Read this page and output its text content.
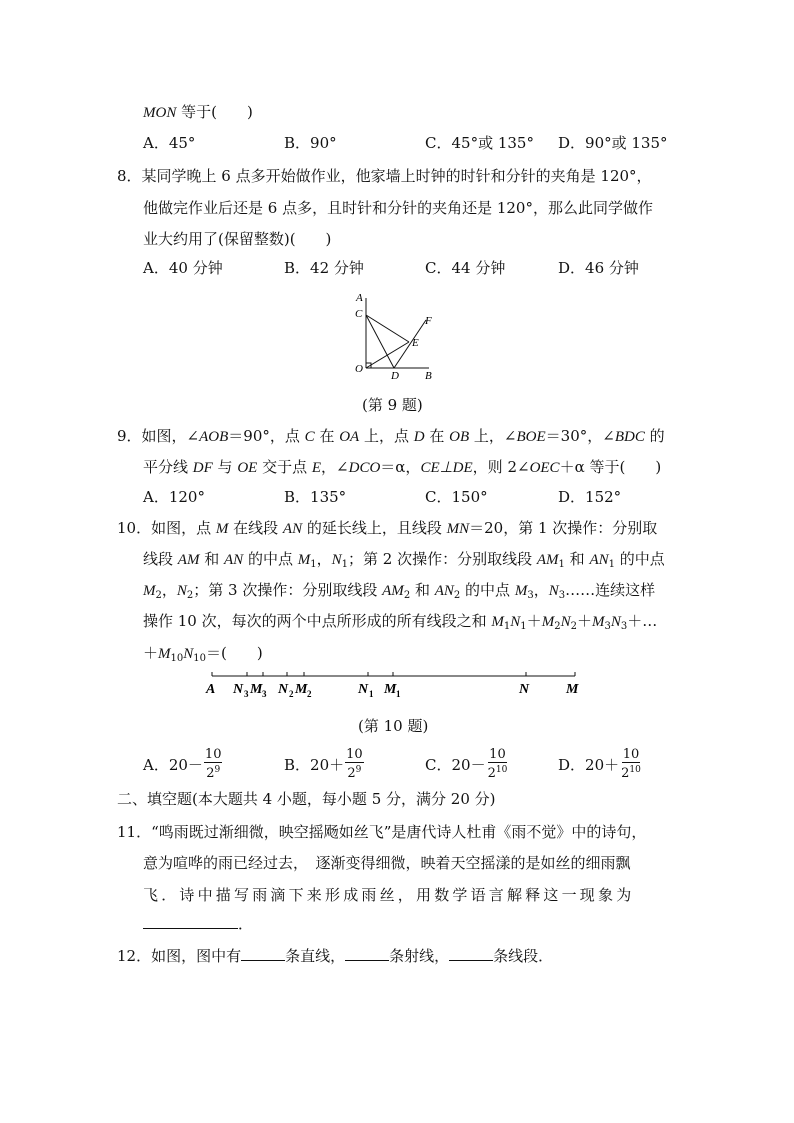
MON 等于(　　)
A．45°	B．90°	C．45°或 135° D．90°或 135°
8．某同学晚上 6 点多开始做作业，他家墙上时钟的时针和分针的夹角是 120°，
他做完作业后还是 6 点多，且时针和分针的夹角还是 120°，那么此同学做作
业大约用了(保留整数)(　　)
A．40 分钟	B．42 分钟	C．44 分钟	D．46 分钟
A
C
F
E
O
D B
(第 9 题)
9．如图，∠AOB＝90°，点 C 在 OA 上，点 D 在 OB 上，∠BOE＝30°，∠BDC 的
平分线 DF 与 OE 交于点 E，∠DCO＝α，CE⊥DE，则 2∠OEC＋α 等于(　　)
A．120°	B．135°	C．150°	D．152°
10．如图，点 M 在线段 AN 的延长线上，且线段 MN＝20，第 1 次操作：分别取
线段 AM 和 AN 的中点 $M_1$，$N_1$；第 2 次操作：分别取线段 $AM_1$ 和 $AN_1$ 的中点
$M_2$，$N_2$；第 3 次操作：分别取线段 $AM_2$ 和 $AN_2$ 的中点 $M_3$，$N_3\dots\dots$连续这样
操作 10 次，每次的两个中点所形成的所有线段之和 $M_1N_1+M_2N_2+M_3N_3+\dots$
$+M_{10}N_{10}=$(　　)
A N 3 M 3 N 2 M 2	N 1 M 1	N	M
(第 10 题)
A．$20- \frac{10}{2^9}$	B．$20+ \frac{10}{2^9}$	C．$20- \frac{10}{2^{10}}$	D．$20+ \frac{10}{2^{10}}$
二、填空题(本大题共 4 小题，每小题 5 分，满分 20 分)
11．“鸣雨既过渐细微，映空摇飏如丝飞”是唐代诗人杜甫《雨不觉》中的诗句，
意为喧哗的雨已经过去，　逐渐变得细微，映着天空摇漾的是如丝的细雨飘
飞．诗中描写雨滴下来形成雨丝，用数学语言解释这一现象为
．
12．如图，图中有	条直线，	条射线，	条线段．
